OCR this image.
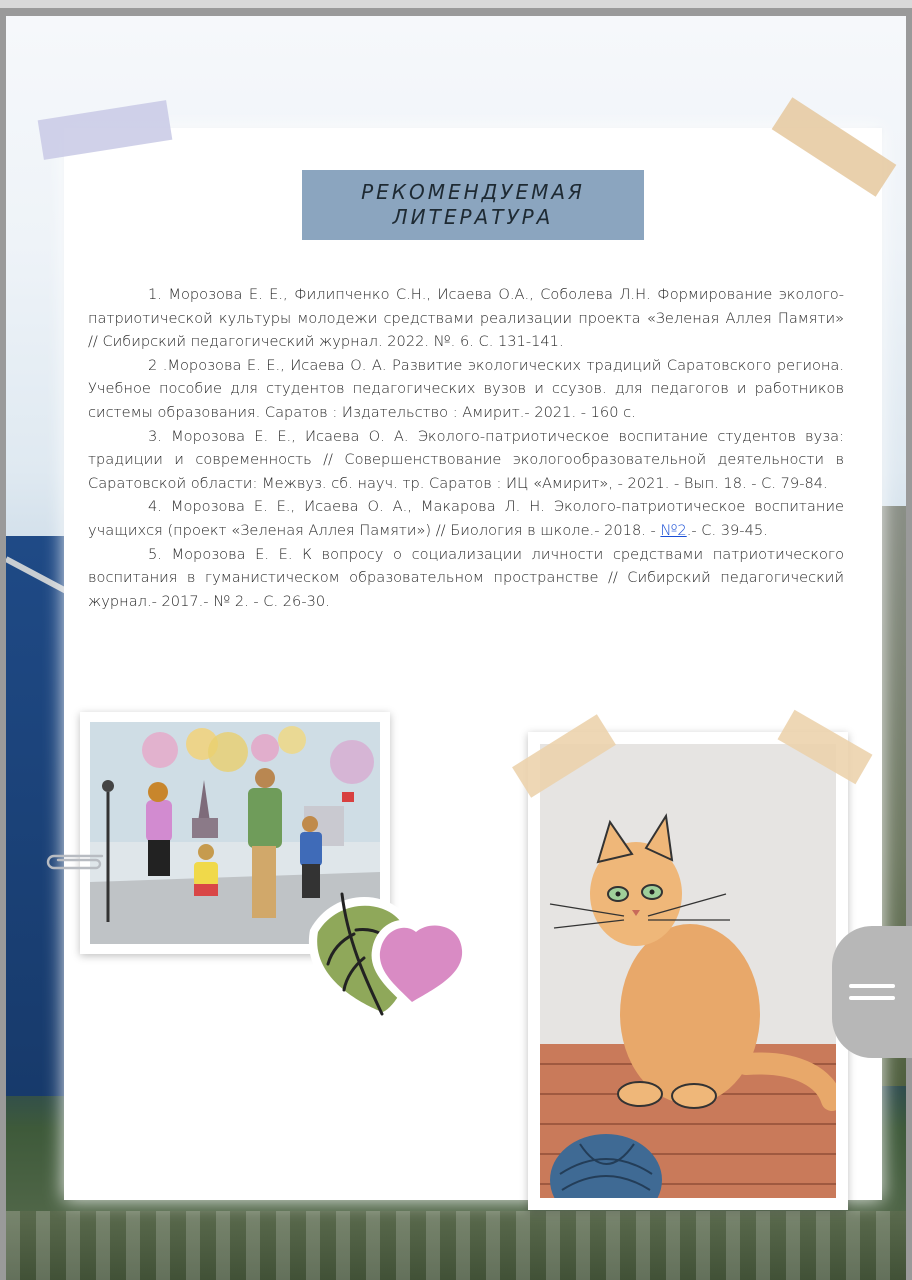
РЕКОМЕНДУЕМАЯ
ЛИТЕРАТУРА

1. Морозова Е. Е., Филипченко С.Н., Исаева О.А., Соболева Л.Н. Формирование эколого-патриотической культуры молодежи средствами реализации проекта «Зеленая Аллея Памяти» // Сибирский педагогический журнал. 2022. №. 6. С. 131-141.

2 .Морозова Е. Е., Исаева О. А. Развитие экологических традиций Саратовского региона. Учебное пособие для студентов педагогических вузов и ссузов. для педагогов и работников системы образования. Саратов : Издательство : Амирит.- 2021. - 160 с.

3. Морозова Е. Е., Исаева О. А. Эколого-патриотическое воспитание студентов вуза: традиции и современность // Совершенствование экологообразовательной деятельности в Саратовской области: Межвуз. сб. науч. тр. Саратов : ИЦ «Амирит», - 2021. - Вып. 18. - С. 79-84.

4. Морозова Е. Е., Исаева О. А., Макарова Л. Н. Эколого-патриотическое воспитание учащихся (проект «Зеленая Аллея Памяти») // Биология в школе.- 2018. - №2.- С. 39-45.

5. Морозова Е. Е. К вопросу о социализации личности средствами патриотического воспитания в гуманистическом образовательном пространстве // Сибирский педагогический журнал.- 2017.- № 2. - С. 26-30.
